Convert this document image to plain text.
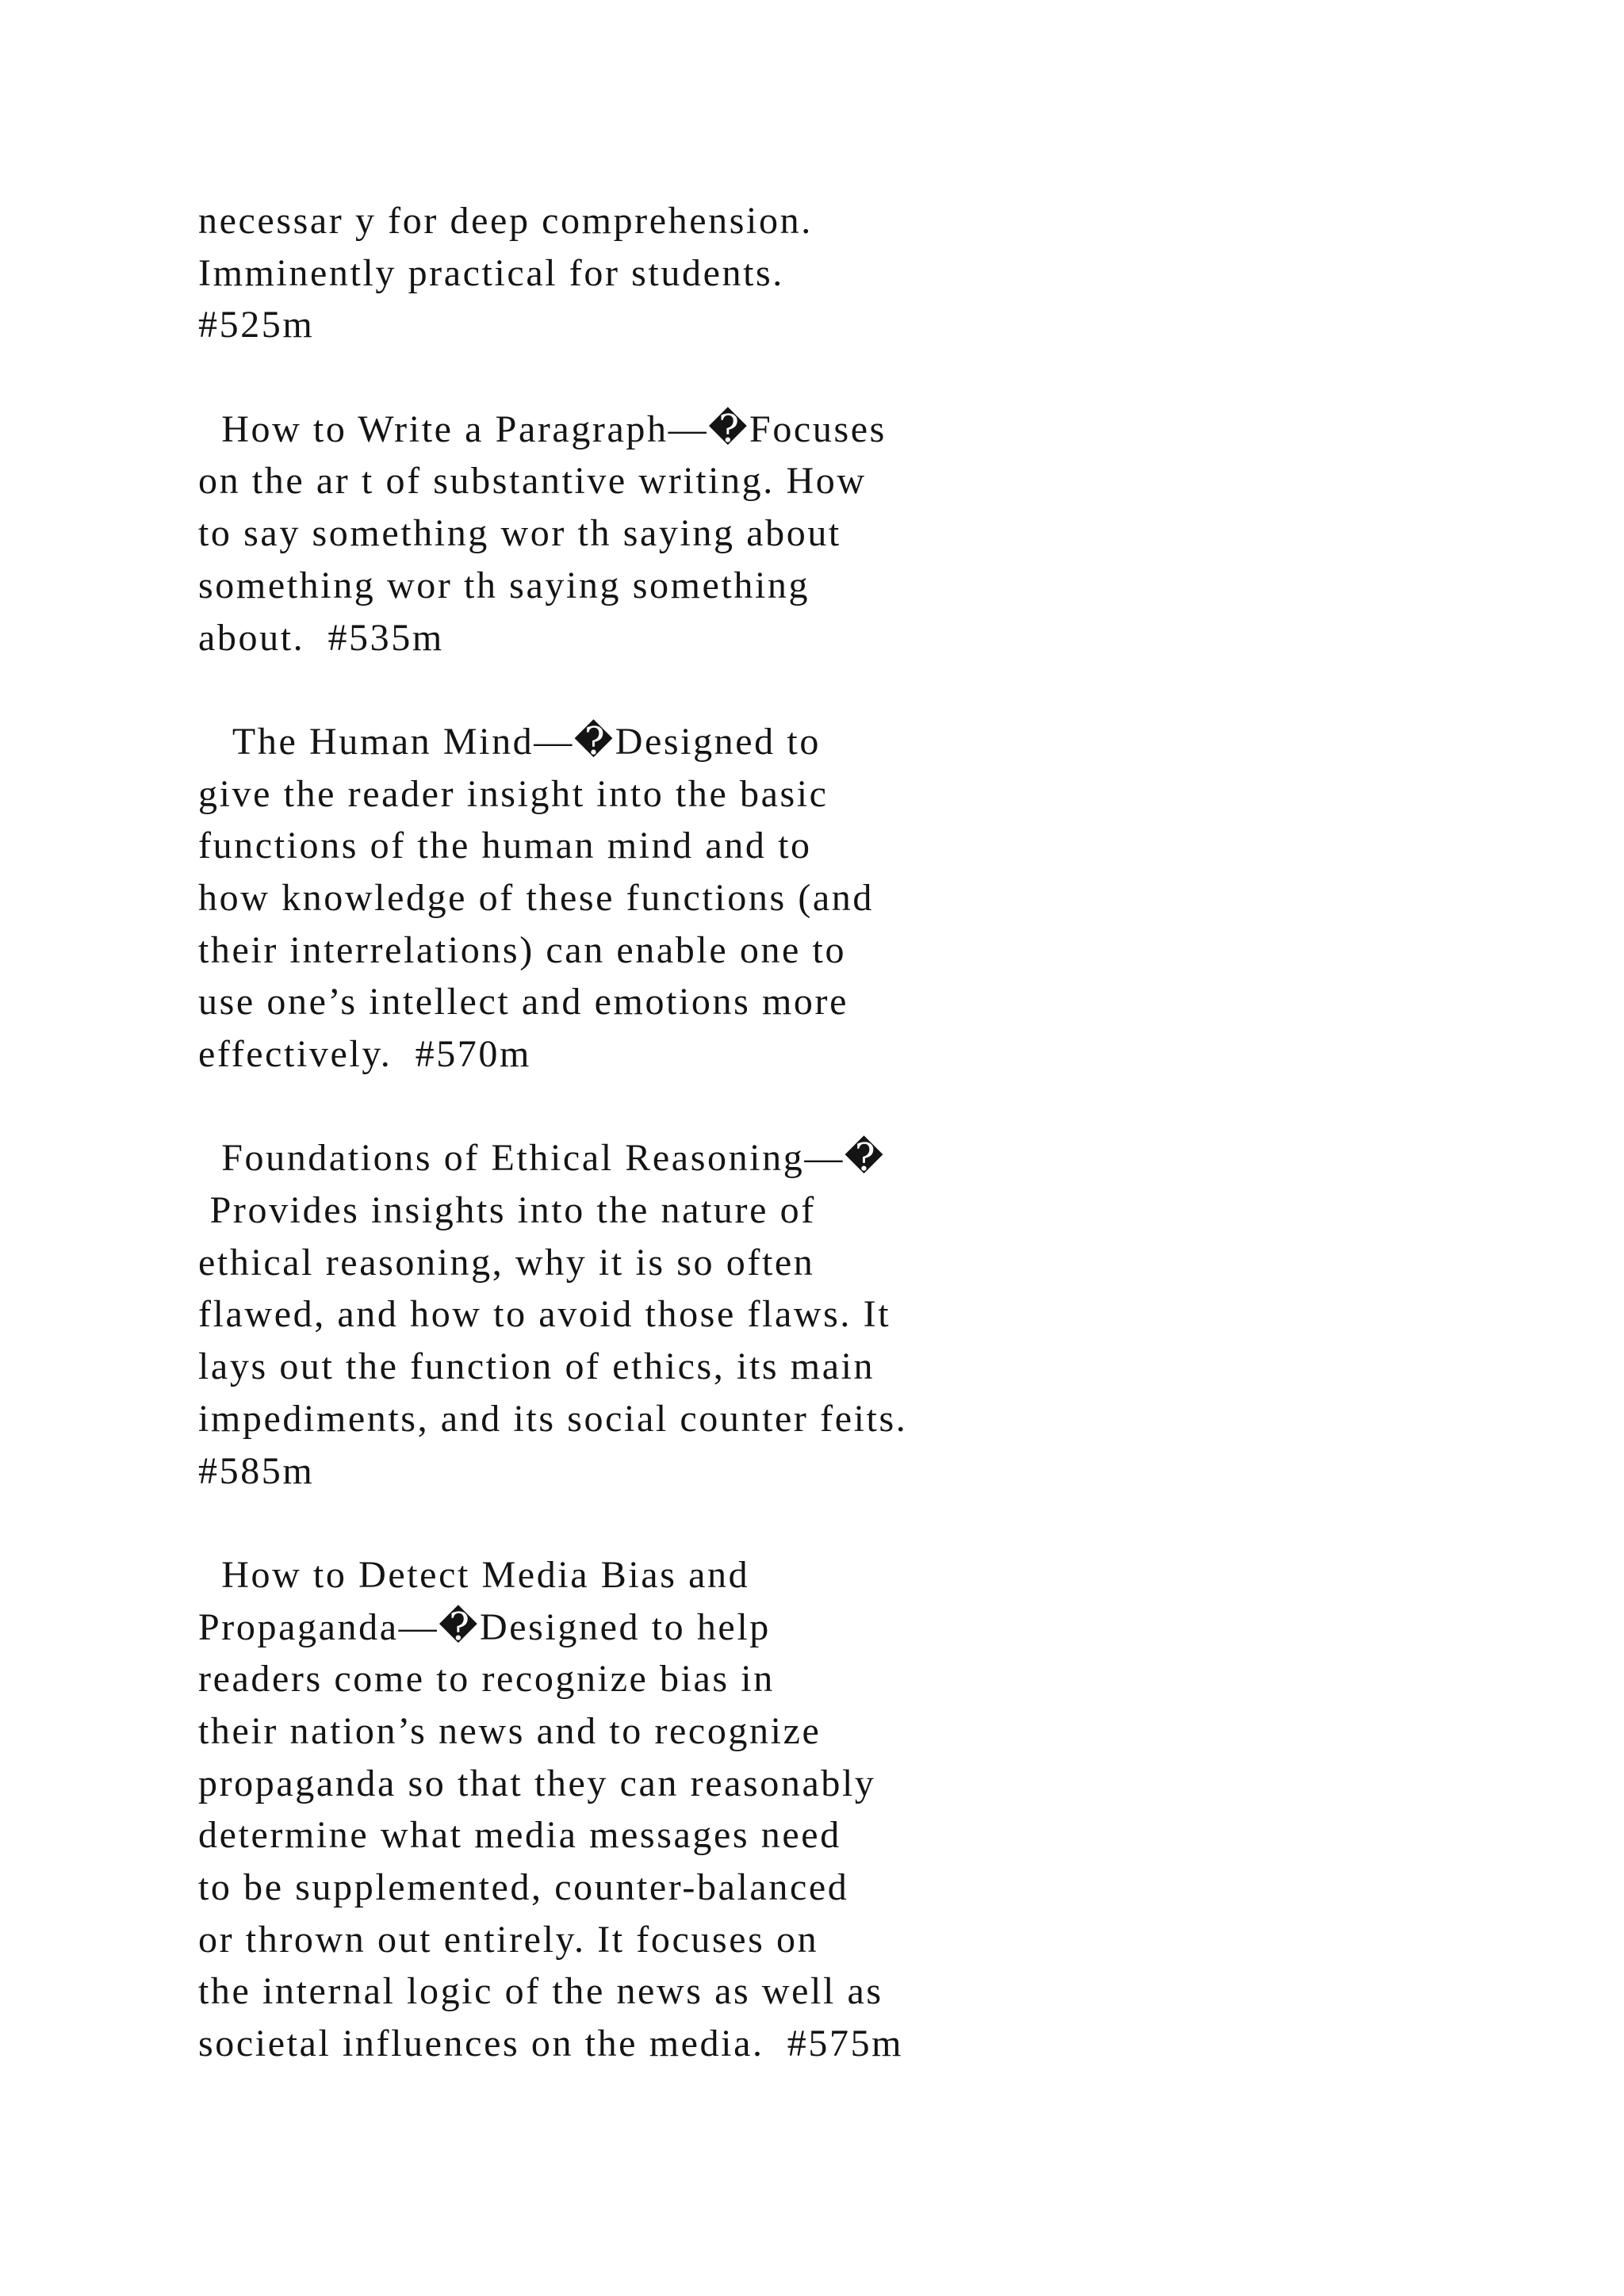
necessar y for deep comprehension.
Imminently practical for students.
#525m
How to Write a Paragraph—�Focuses
on the ar t of substantive writing. How
to say something wor th saying about
something wor th saying something
about.  #535m
The Human Mind—�Designed to
give the reader insight into the basic
functions of the human mind and to
how knowledge of these functions (and
their interrelations) can enable one to
use one’s intellect and emotions more
effectively.  #570m
Foundations of Ethical Reasoning—�
Provides insights into the nature of
ethical reasoning, why it is so often
flawed, and how to avoid those flaws. It
lays out the function of ethics, its main
impediments, and its social counter feits.
#585m
How to Detect Media Bias and
Propaganda—�Designed to help
readers come to recognize bias in
their nation’s news and to recognize
propaganda so that they can reasonably
determine what media messages need
to be supplemented, counter-balanced
or thrown out entirely. It focuses on
the internal logic of the news as well as
societal influences on the media.  #575m
